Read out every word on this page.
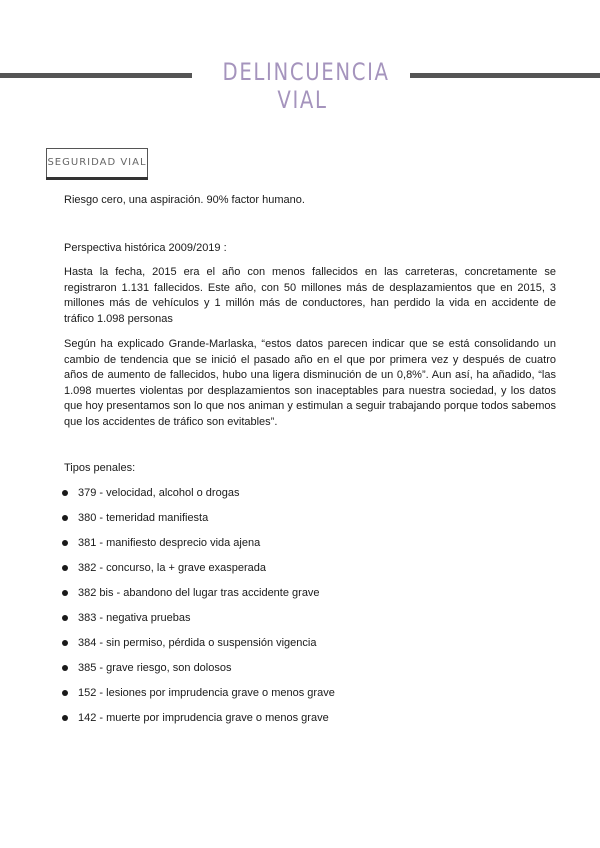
DELINCUENCIA VIAL
SEGURIDAD VIAL

Riesgo cero, una aspiración. 90% factor humano.

Perspectiva histórica 2009/2019 :

Hasta la fecha, 2015 era el año con menos fallecidos en las carreteras, concretamente se registraron 1.131 fallecidos. Este año, con 50 millones más de desplazamientos que en 2015, 3 millones más de vehículos y 1 millón más de conductores, han perdido la vida en accidente de tráfico 1.098 personas

Según ha explicado Grande-Marlaska, “estos datos parecen indicar que se está consolidando un cambio de tendencia que se inició el pasado año en el que por primera vez y después de cuatro años de aumento de fallecidos, hubo una ligera disminución de un 0,8%”. Aun así, ha añadido, “las 1.098 muertes violentas por desplazamientos son inaceptables para nuestra sociedad, y los datos que hoy presentamos son lo que nos animan y estimulan a seguir trabajando porque todos sabemos que los accidentes de tráfico son evitables”.

Tipos penales:

379 - velocidad, alcohol o drogas
380 - temeridad manifiesta
381 - manifiesto desprecio vida ajena
382 - concurso, la + grave exasperada
382 bis - abandono del lugar tras accidente grave
383 - negativa pruebas
384 - sin permiso, pérdida o suspensión vigencia
385 - grave riesgo, son dolosos
152 - lesiones por imprudencia grave o menos grave
142 - muerte por imprudencia grave o menos grave
